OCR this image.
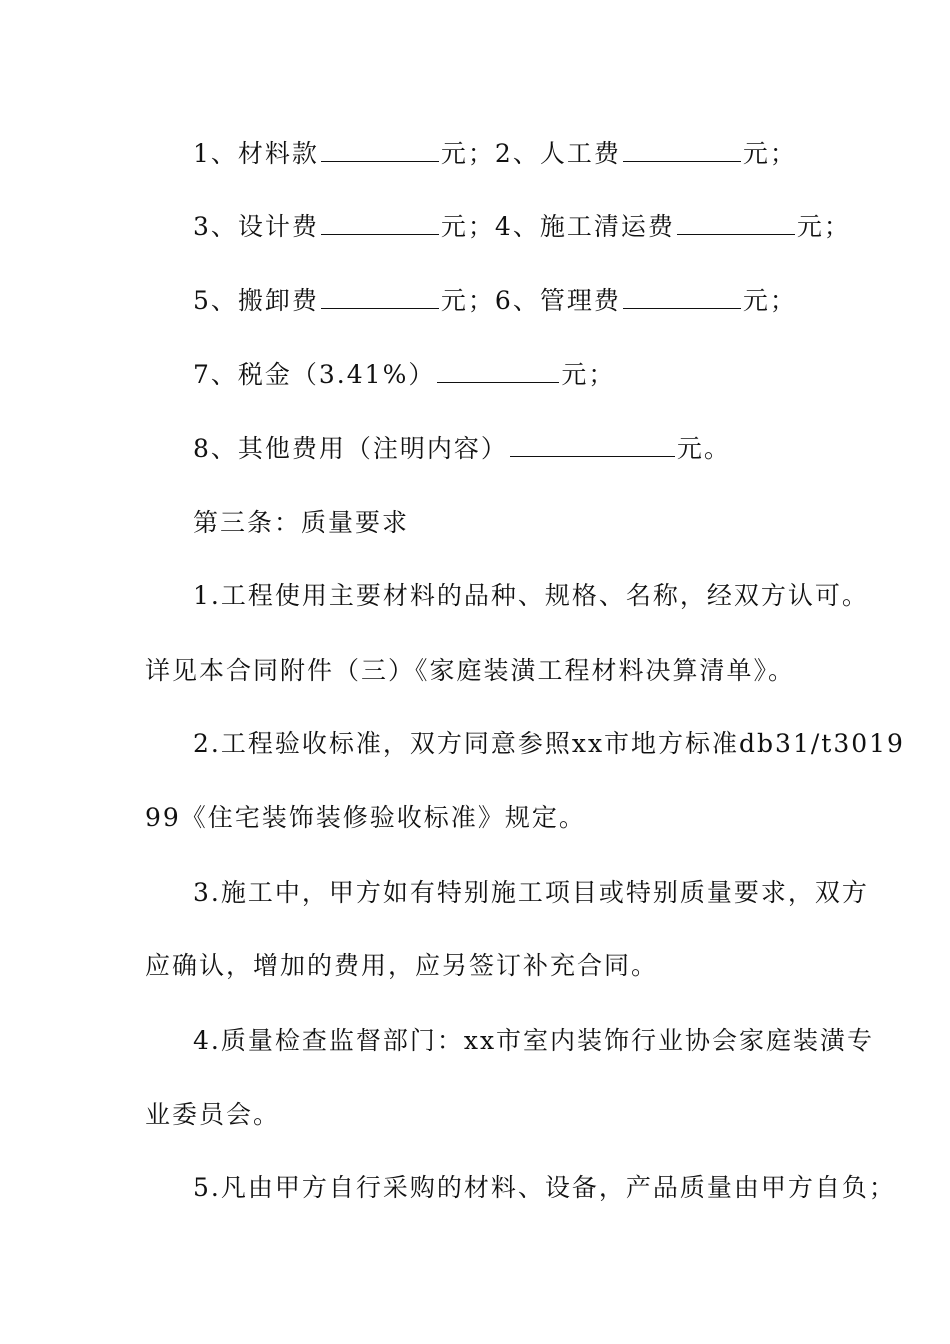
1、材料款	元；2、人工费	元；
3、设计费	元；4、施工清运费	元；
5、搬卸费	元；6、管理费	元；
7、税金（3.41%）	元；
8、其他费用（注明内容）	元。
第三条：质量要求
1.工程使用主要材料的品种、规格、名称，经双方认可。
详见本合同附件（三）《家庭装潢工程材料决算清单》。
2.工程验收标准，双方同意参照xx市地方标准db31/t3019
99《住宅装饰装修验收标准》规定。
3.施工中，甲方如有特别施工项目或特别质量要求，双方
应确认，增加的费用，应另签订补充合同。
4.质量检查监督部门：xx市室内装饰行业协会家庭装潢专
业委员会。
5.凡由甲方自行采购的材料、设备，产品质量由甲方自负；
